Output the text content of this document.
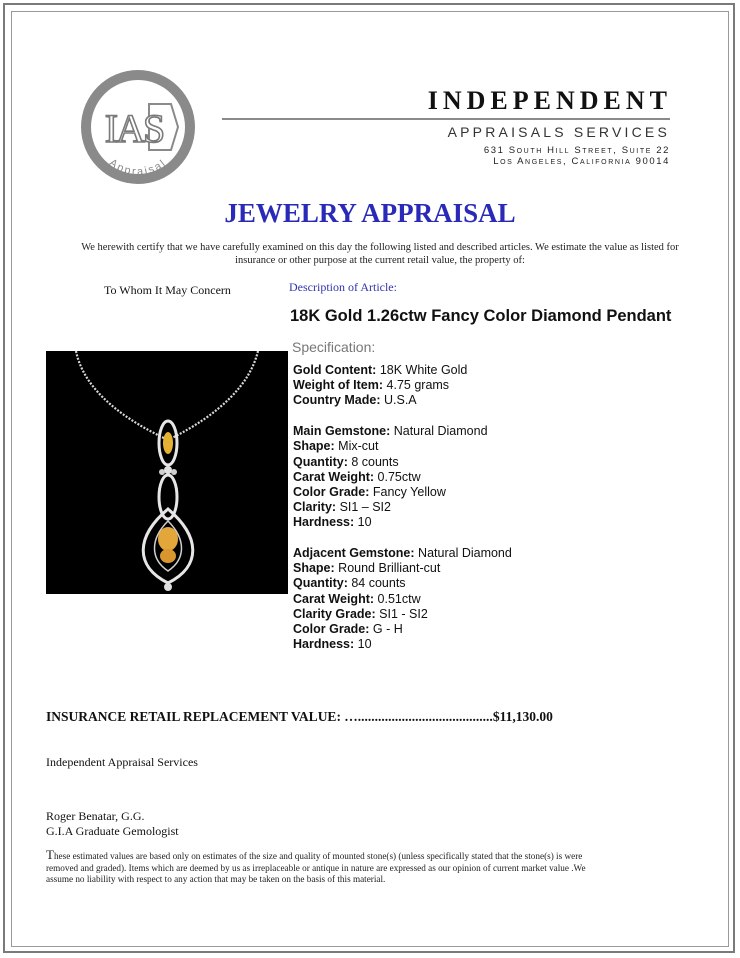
IAS
Appraisal
INDEPENDENT
APPRAISALS SERVICES
631 South Hill Street, Suite 22
Los Angeles, California 90014
JEWELRY APPRAISAL
We herewith certify that we have carefully examined on this day the following listed and described articles. We estimate the value as listed for insurance or other purpose at the current retail value, the property of:
To Whom It May Concern	Description of Article:
18K Gold 1.26ctw Fancy Color Diamond Pendant
Specification:
Gold Content: 18K White Gold
Weight of Item: 4.75 grams
Country Made: U.S.A
Main Gemstone: Natural Diamond
Shape: Mix-cut
Quantity: 8 counts
Carat Weight: 0.75ctw
Color Grade: Fancy Yellow
Clarity: SI1 – SI2
Hardness: 10
Adjacent Gemstone: Natural Diamond
Shape: Round Brilliant-cut
Quantity: 84 counts
Carat Weight: 0.51ctw
Clarity Grade: SI1 - SI2
Color Grade: G - H
Hardness: 10
INSURANCE RETAIL REPLACEMENT VALUE: …........................................$11,130.00
Independent Appraisal Services
Roger Benatar, G.G.
G.I.A Graduate Gemologist
These estimated values are based only on estimates of the size and quality of mounted stone(s) (unless specifically stated that the stone(s) is were removed and graded). Items which are deemed by us as irreplaceable or antique in nature are expressed as our opinion of current market value .We assume no liability with respect to any action that may be taken on the basis of this material.
